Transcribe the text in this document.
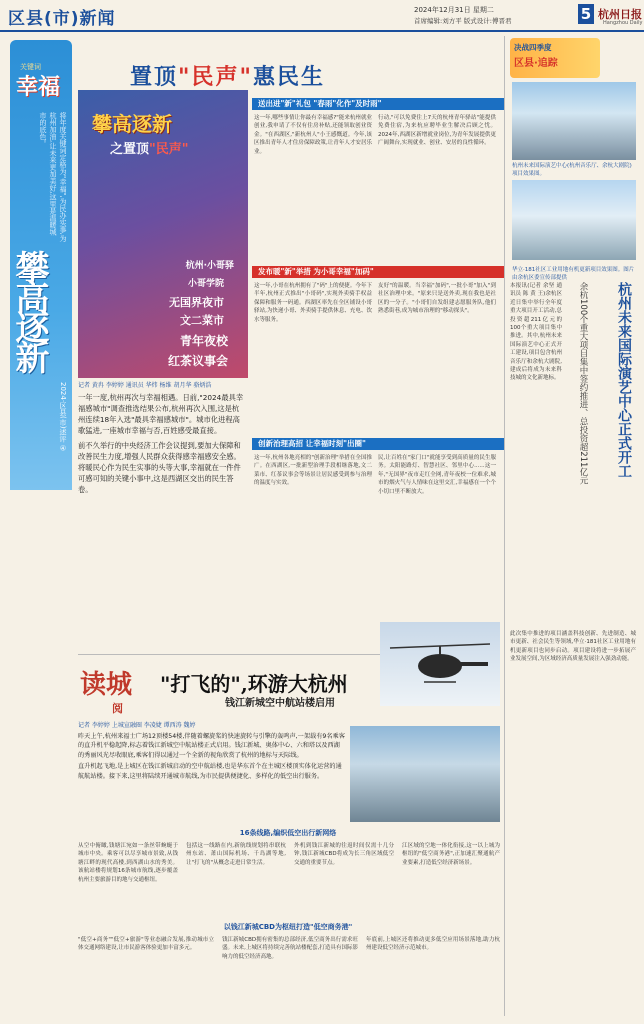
区县(市)新闻	2024年12月31日 星期二
首席编辑:刘方平 版式设计:傅晋君	5 杭州日报
Hangzhou Daily
关键词
幸福
将年度关键词定格为"幸福",为民办实事,为杭州加油,让未来更加美好,这里是温暖城市的底色。
攀高逐新
2024·区县(市)述评 ④
置顶"民声"惠民生
攀高逐新
之置顶"民声"
杭州·小哥驿
小哥学院
无国界夜市
文二菜市
青年夜校
红茶议事会
记者 黄冉 李婷婷 通讯员 华炜 杨维 胡月华 骆炳浩
一年一度,杭州再次与幸福相遇。日前,"2024最具幸福感城市"调查推选结果公布,杭州再次入围,这是杭州连续18年入选"最具幸福感城市"。城市化进程高歌猛进,一座城市幸福与否,百姓感受最直接。
前不久举行的中央经济工作会议提到,要加大保障和改善民生力度,增强人民群众获得感幸福感安全感。将暖民心作为民生实事的头等大事,幸福就在一件件可感可知的关键小事中,这是西湖区交出的民生答卷。
送出进"新"礼包 "春雨"化作"及时雨"
这一年,哪些事情让你最有幸福感?"能来杭州就业创业,我申请了不仅有住房补贴,还能领取创业资金。"在西湖区,"新杭州人"小王感慨道。今年,该区推出青年人才住房保障政策,让青年人才安居乐业。
行动,"可以免费住上7天的杭州青年驿站"能提供免费住宿,为来杭应聘毕业生解决后顾之忧。2024年,西湖区新增就业岗位,为青年发展提供更广阔舞台,实现就业、创业、安居的良性循环。
发布暖"新"举措 为小哥幸福"加码"
这一年,小哥在杭州拥有了"码"上的便捷。今年下半年,杭州正式推出"小哥码",实现外卖骑手权益保障和服务一码通。西湖区率先在全区铺设小哥驿站,为快递小哥、外卖骑手提供休息、充电、饮水等服务。
友好"的温暖。当幸福"加码",一批小哥"加入"到社区治理中来。"原来只是送外卖,现在我也是社区的一分子。"小哥们自发组建志愿服务队,他们熟悉街巷,成为城市治理的"移动探头"。
创新治理高招 让幸福时刻"出圈"
这一年,杭州各地亮相的"创新治理"举措在全国推广。在西湖区,一批新型治理手段相继落地,文二菜市、红茶议事会等场景让居民感受到参与治理的温度与实效。
民,让百姓在"家门口"就能享受到高质量的民生服务。太阳能路灯、智慧社区、邻里中心......这一年,"无国界"夜市走红全网,青年夜校一位难求,城市的烟火气与人情味在这里交汇,幸福感在一个个小切口里不断放大。
决战四季度
区县·追踪
杭州未来国际演艺中心(杭州音乐厅、余杭大剧院)项目效果图。
华立·181社区工业用地有机更新项目效果图。图片由余杭区委宣传部提供
杭州未来国际演艺中心正式开工
余杭100个重大项目集中签约推进、总投资超211亿元
本报讯(记者 余坚 通讯员 陈 黄 王)余杭区近日集中举行全年度重大项目开工活动,总投资超211亿元的100个重大项目集中推进。其中,杭州未来国际演艺中心正式开工建设,项目包含杭州音乐厅和余杭大剧院,建成后将成为未来科技城的文化新地标。
此次集中推进的项目涵盖科技创新、先进制造、城市更新、社会民生等领域,华立·181社区工业用地有机更新项目也同步启动。项目建设将进一步拓展产业发展空间,为区域经济高质量发展注入强劲动能。
读城
阅
"打飞的",环游大杭州
钱江新城空中航站楼启用
记者 李婷婷 上城宣融圈 李凌婕 谭西涛 魏婷
昨天上午,杭州来福士广场12顶楼54楼,伴随着螺旋桨的快速旋转与引擎的轰鸣声,一架载有9名乘客的直升机平稳起降,标志着钱江新城空中航站楼正式启用。钱江新城、奥体中心、六和塔以及西湖的秀丽风光尽收眼底,乘客们得以通过一个全新的视角欣赏了杭州的地标与天际线。
直升机起飞地,是上城区在钱江新城启动的空中航站楼,也是华东首个在主城区楼顶实体化运营的通航航站楼。接下来,这里将陆续开通城市航线,为市民提供便捷化、多样化的低空出行服务。
16条线路,编织低空出行新网络
从空中俯瞰,钱塘江宛如一条丝带蜿蜒于城市中央。乘客可以尽享城市景致,从钱塘江畔的现代高楼,到西湖山水的秀美。该航站楼将规划16条城市航线,逐步覆盖杭州主要旅游目的地与交通枢纽。
包括这一线路在内,新航线规划将串联杭州东站、萧山国际机场、千岛湖等地,让"打飞的"从概念走进日常生活。
外机到钱江新城的往返时间仅需十几分钟,钱江新城CBD将成为长三角区域低空交通的重要节点。
江区域的空地一体化衔接,这一以上城为枢纽的"低空商务港",正加速汇聚通航产业要素,打造低空经济新场景。
以钱江新城CBD为枢纽打造"低空商务港"
"低空+商务""低空+旅游"等业态融合发展,推动城市立体交通网络建设,让市民游客体验更加丰富多元。
钱江新城CBD拥有密集的总部经济,低空商务出行需求旺盛。未来,上城区将持续完善航站楼配套,打造具有国际影响力的低空经济高地。
年底前,上城区还将推动更多低空应用场景落地,助力杭州建设低空经济示范城市。
